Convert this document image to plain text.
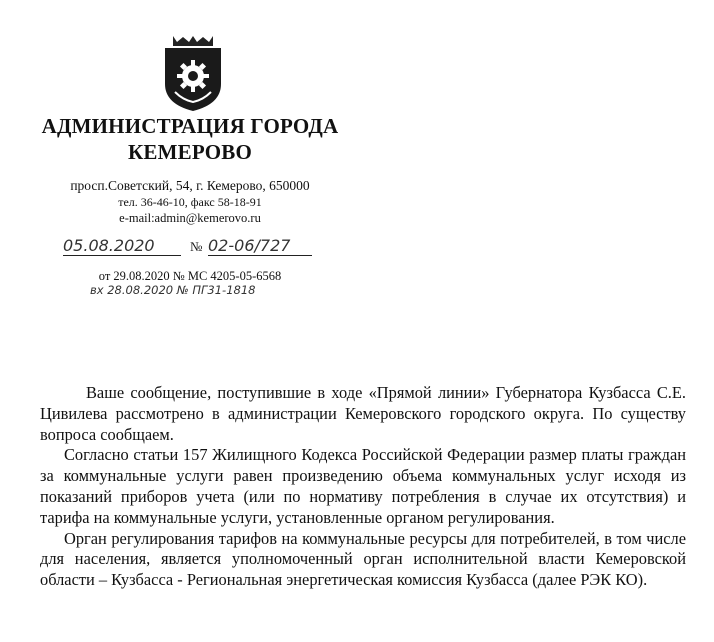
АДМИНИСТРАЦИЯ ГОРОДА
КЕМЕРОВО
просп.Советский, 54, г. Кемерово, 650000
тел. 36-46-10, факс 58-18-91
e-mail:admin@kemerovo.ru
05.08.2020	№ 02-06/727
от 29.08.2020 № МС 4205-05-6568
вх 28.08.2020 № ПГ31-1818

Ваше сообщение, поступившие в ходе «Прямой линии» Губернатора Кузбасса С.Е. Цивилева рассмотрено в администрации Кемеровского городского округа. По существу вопроса сообщаем.

Согласно статьи 157 Жилищного Кодекса Российской Федерации размер платы граждан за коммунальные услуги равен произведению объема коммунальных услуг исходя из показаний приборов учета (или по нормативу потребления в случае их отсутствия) и тарифа на коммунальные услуги, установленные органом регулирования.

Орган регулирования тарифов на коммунальные ресурсы для потребителей, в том числе для населения, является уполномоченный орган исполнительной власти Кемеровской области – Кузбасса - Региональная энергетическая комиссия Кузбасса (далее РЭК КО).
